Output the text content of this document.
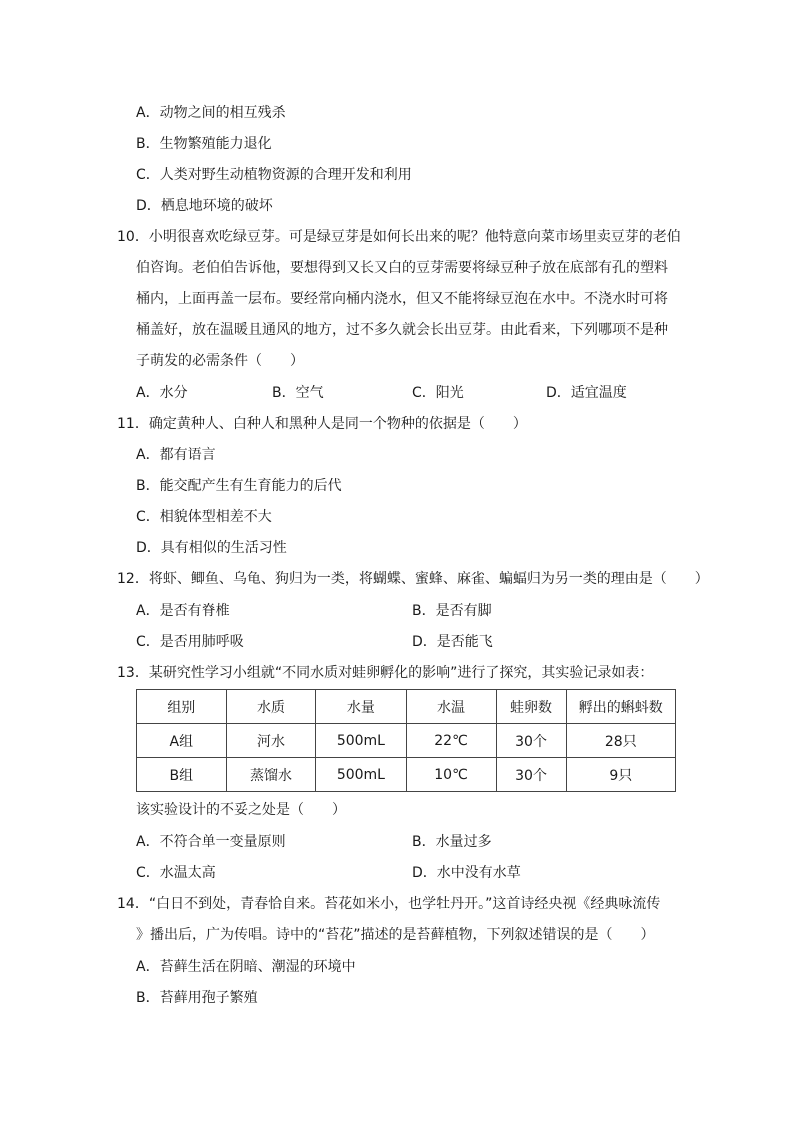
A．动物之间的相互残杀
B．生物繁殖能力退化
C．人类对野生动植物资源的合理开发和利用
D．栖息地环境的破坏
10．小明很喜欢吃绿豆芽。可是绿豆芽是如何长出来的呢？他特意向菜市场里卖豆芽的老伯
伯咨询。老伯伯告诉他，要想得到又长又白的豆芽需要将绿豆种子放在底部有孔的塑料
桶内，上面再盖一层布。要经常向桶内浇水，但又不能将绿豆泡在水中。不浇水时可将
桶盖好，放在温暖且通风的地方，过不多久就会长出豆芽。由此看来，下列哪项不是种
子萌发的必需条件（　　）
A．水分	B．空气	C．阳光	D．适宜温度
11．确定黄种人、白种人和黑种人是同一个物种的依据是（　　）
A．都有语言
B．能交配产生有生育能力的后代
C．相貌体型相差不大
D．具有相似的生活习性
12．将虾、鲫鱼、乌龟、狗归为一类，将蝴蝶、蜜蜂、麻雀、蝙蝠归为另一类的理由是（　　）
A．是否有脊椎	B．是否有脚
C．是否用肺呼吸	D．是否能飞
13．某研究性学习小组就“不同水质对蛙卵孵化的影响”进行了探究，其实验记录如表：
组别	水质	水量	水温	蛙卵数	孵出的蝌蚪数
A组	河水	500mL	22℃	30个	28只
B组	蒸馏水	500mL	10℃	30个	9只
该实验设计的不妥之处是（　　）
A．不符合单一变量原则	B．水量过多
C．水温太高	D．水中没有水草
14．“白日不到处，青春恰自来。苔花如米小，也学牡丹开。”这首诗经央视《经典咏流传
》播出后，广为传唱。诗中的“苔花”描述的是苔藓植物，下列叙述错误的是（　　）
A．苔藓生活在阴暗、潮湿的环境中
B．苔藓用孢子繁殖
